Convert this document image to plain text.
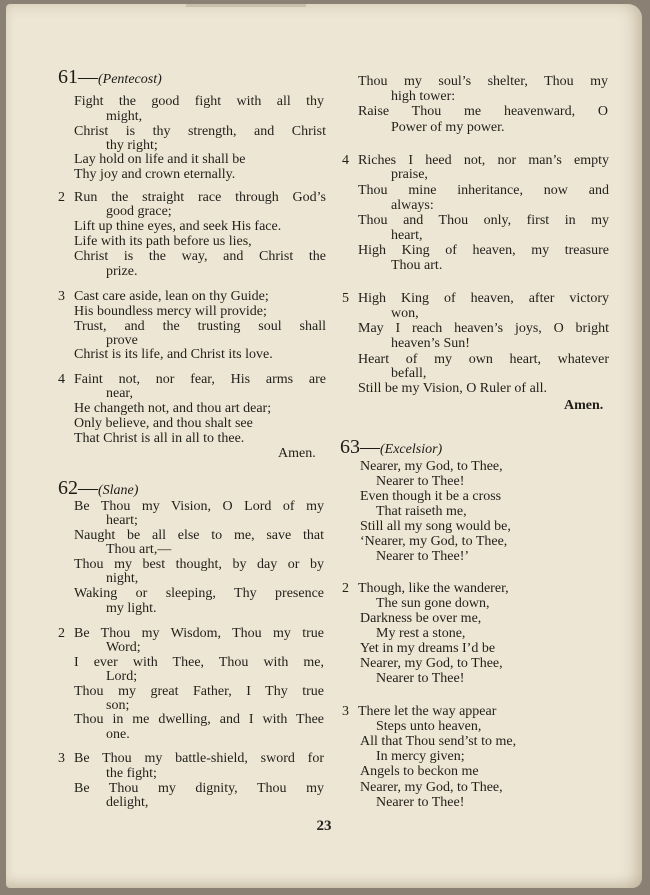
61—(Pentecost)
Fight the good fight with all thy
might,
Christ is thy strength, and Christ
thy right;
Lay hold on life and it shall be
Thy joy and crown eternally.
2 Run the straight race through God’s
good grace;
Lift up thine eyes, and seek His face.
Life with its path before us lies,
Christ is the way, and Christ the
prize.
3 Cast care aside, lean on thy Guide;
His boundless mercy will provide;
Trust, and the trusting soul shall
prove
Christ is its life, and Christ its love.
4 Faint not, nor fear, His arms are
near,
He changeth not, and thou art dear;
Only believe, and thou shalt see
That Christ is all in all to thee.
Amen.
62—(Slane)
Be Thou my Vision, O Lord of my
heart;
Naught be all else to me, save that
Thou art,—
Thou my best thought, by day or by
night,
Waking or sleeping, Thy presence
my light.
2 Be Thou my Wisdom, Thou my true
Word;
I ever with Thee, Thou with me,
Lord;
Thou my great Father, I Thy true
son;
Thou in me dwelling, and I with Thee
one.
3 Be Thou my battle-shield, sword for
the fight;
Be Thou my dignity, Thou my
delight,
Thou my soul’s shelter, Thou my
high tower:
Raise Thou me heavenward, O
Power of my power.
4 Riches I heed not, nor man’s empty
praise,
Thou mine inheritance, now and
always:
Thou and Thou only, first in my
heart,
High King of heaven, my treasure
Thou art.
5 High King of heaven, after victory
won,
May I reach heaven’s joys, O bright
heaven’s Sun!
Heart of my own heart, whatever
befall,
Still be my Vision, O Ruler of all.
Amen.
63—(Excelsior)
Nearer, my God, to Thee,
Nearer to Thee!
Even though it be a cross
That raiseth me,
Still all my song would be,
‘Nearer, my God, to Thee,
Nearer to Thee!’
2 Though, like the wanderer,
The sun gone down,
Darkness be over me,
My rest a stone,
Yet in my dreams I’d be
Nearer, my God, to Thee,
Nearer to Thee!
3 There let the way appear
Steps unto heaven,
All that Thou send’st to me,
In mercy given;
Angels to beckon me
Nearer, my God, to Thee,
Nearer to Thee!
23
